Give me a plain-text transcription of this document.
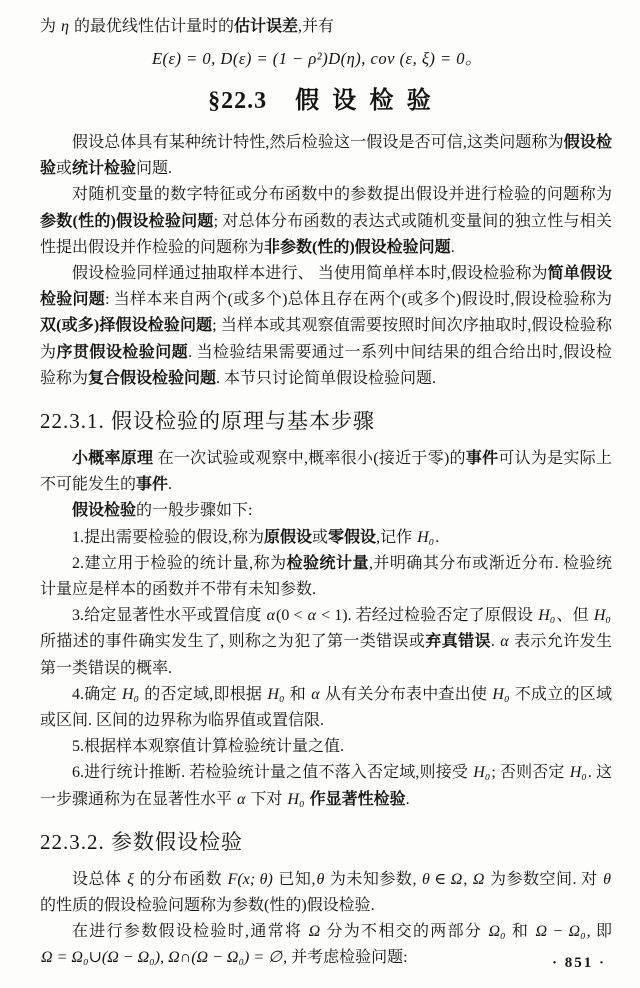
为 η 的最优线性估计量时的估计误差,并有

E(ε) = 0, D(ε) = (1 − ρ²)D(η), cov (ε, ξ) = 0。
§22.3 假设检验

假设总体具有某种统计特性,然后检验这一假设是否可信,这类问题称为假设检验或统计检验问题.

对随机变量的数字特征或分布函数中的参数提出假设并进行检验的问题称为参数(性的)假设检验问题; 对总体分布函数的表达式或随机变量间的独立性与相关性提出假设并作检验的问题称为非参数(性的)假设检验问题.

假设检验同样通过抽取样本进行、 当使用简单样本时,假设检验称为简单假设检验问题: 当样本来自两个(或多个)总体且存在两个(或多个)假设时,假设检验称为双(或多)择假设检验问题; 当样本或其观察值需要按照时间次序抽取时,假设检验称为序贯假设检验问题. 当检验结果需要通过一系列中间结果的组合给出时,假设检验称为复合假设检验问题. 本节只讨论简单假设检验问题.

22.3.1. 假设检验的原理与基本步骤

小概率原理 在一次试验或观察中,概率很小(接近于零)的事件可认为是实际上不可能发生的事件.

假设检验的一般步骤如下:

1.提出需要检验的假设,称为原假设或零假设,记作 H₀.

2.建立用于检验的统计量,称为检验统计量,并明确其分布或渐近分布. 检验统计量应是样本的函数并不带有未知参数.

3.给定显著性水平或置信度 α(0 < α < 1). 若经过检验否定了原假设 H₀、但 H₀ 所描述的事件确实发生了, 则称之为犯了第一类错误或弃真错误. α 表示允许发生第一类错误的概率.

4.确定 H₀ 的否定域,即根据 H₀ 和 α 从有关分布表中查出使 H₀ 不成立的区域或区间. 区间的边界称为临界值或置信限.

5.根据样本观察值计算检验统计量之值.

6.进行统计推断. 若检验统计量之值不落入否定域,则接受 H₀; 否则否定 H₀. 这一步骤通称为在显著性水平 α 下对 H₀ 作显著性检验.

22.3.2. 参数假设检验

设总体 ξ 的分布函数 F(x; θ) 已知,θ 为未知参数, θ ∈ Ω, Ω 为参数空间. 对 θ 的性质的假设检验问题称为参数(性的)假设检验.

在进行参数假设检验时,通常将 Ω 分为不相交的两部分 Ω₀ 和 Ω − Ω₀, 即 Ω = Ω₀∪(Ω − Ω₀), Ω∩(Ω − Ω₀) = ∅, 并考虑检验问题:	· 851 ·
